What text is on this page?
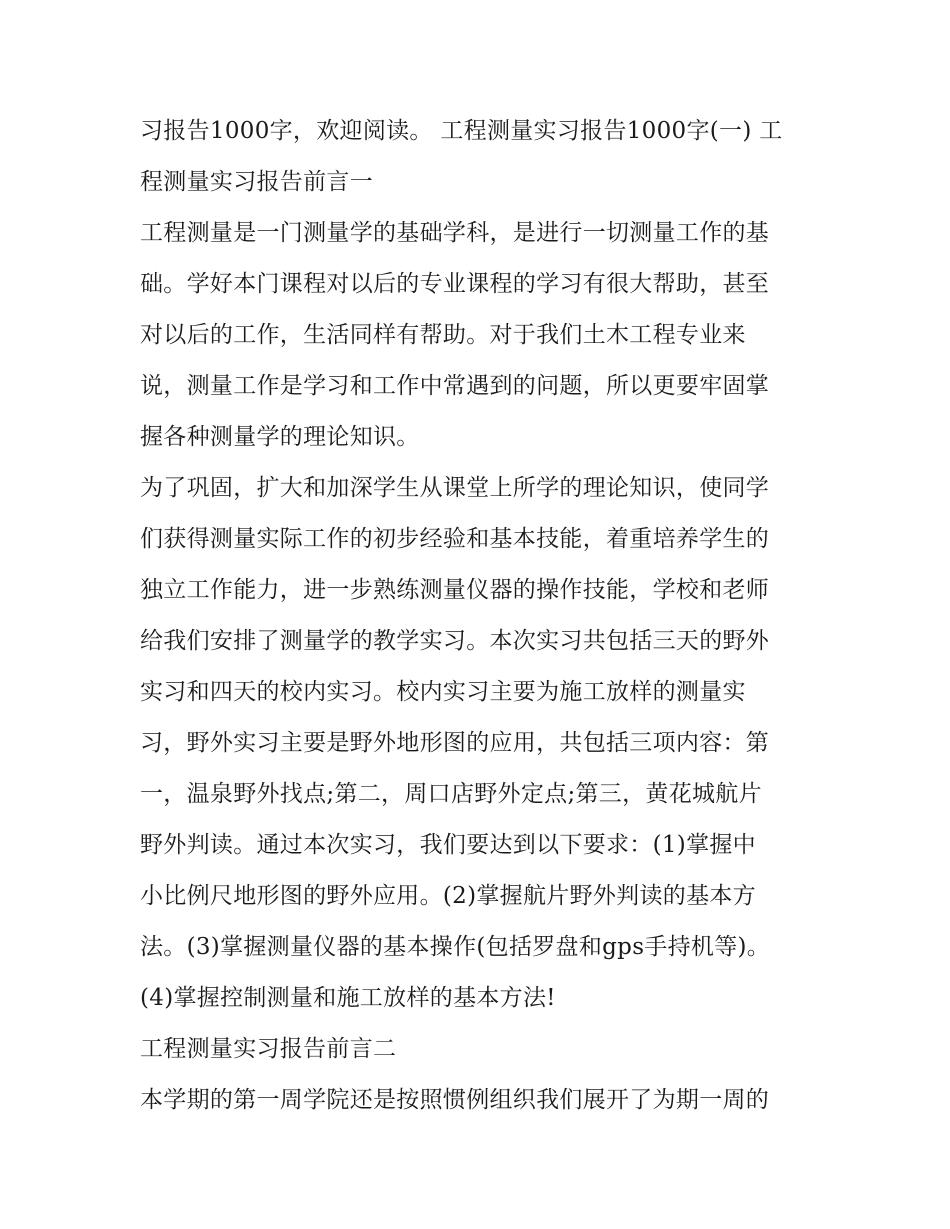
习报告1000字，欢迎阅读。 工程测量实习报告1000字(一) 工

程测量实习报告前言一

工程测量是一门测量学的基础学科，是进行一切测量工作的基

础。学好本门课程对以后的专业课程的学习有很大帮助，甚至

对以后的工作，生活同样有帮助。对于我们土木工程专业来

说，测量工作是学习和工作中常遇到的问题，所以更要牢固掌

握各种测量学的理论知识。

为了巩固，扩大和加深学生从课堂上所学的理论知识，使同学

们获得测量实际工作的初步经验和基本技能，着重培养学生的

独立工作能力，进一步熟练测量仪器的操作技能，学校和老师

给我们安排了测量学的教学实习。本次实习共包括三天的野外

实习和四天的校内实习。校内实习主要为施工放样的测量实

习，野外实习主要是野外地形图的应用，共包括三项内容：第

一，温泉野外找点;第二，周口店野外定点;第三，黄花城航片

野外判读。通过本次实习，我们要达到以下要求：(1)掌握中

小比例尺地形图的野外应用。(2)掌握航片野外判读的基本方

法。(3)掌握测量仪器的基本操作(包括罗盘和gps手持机等)。

(4)掌握控制测量和施工放样的基本方法!

工程测量实习报告前言二

本学期的第一周学院还是按照惯例组织我们展开了为期一周的
